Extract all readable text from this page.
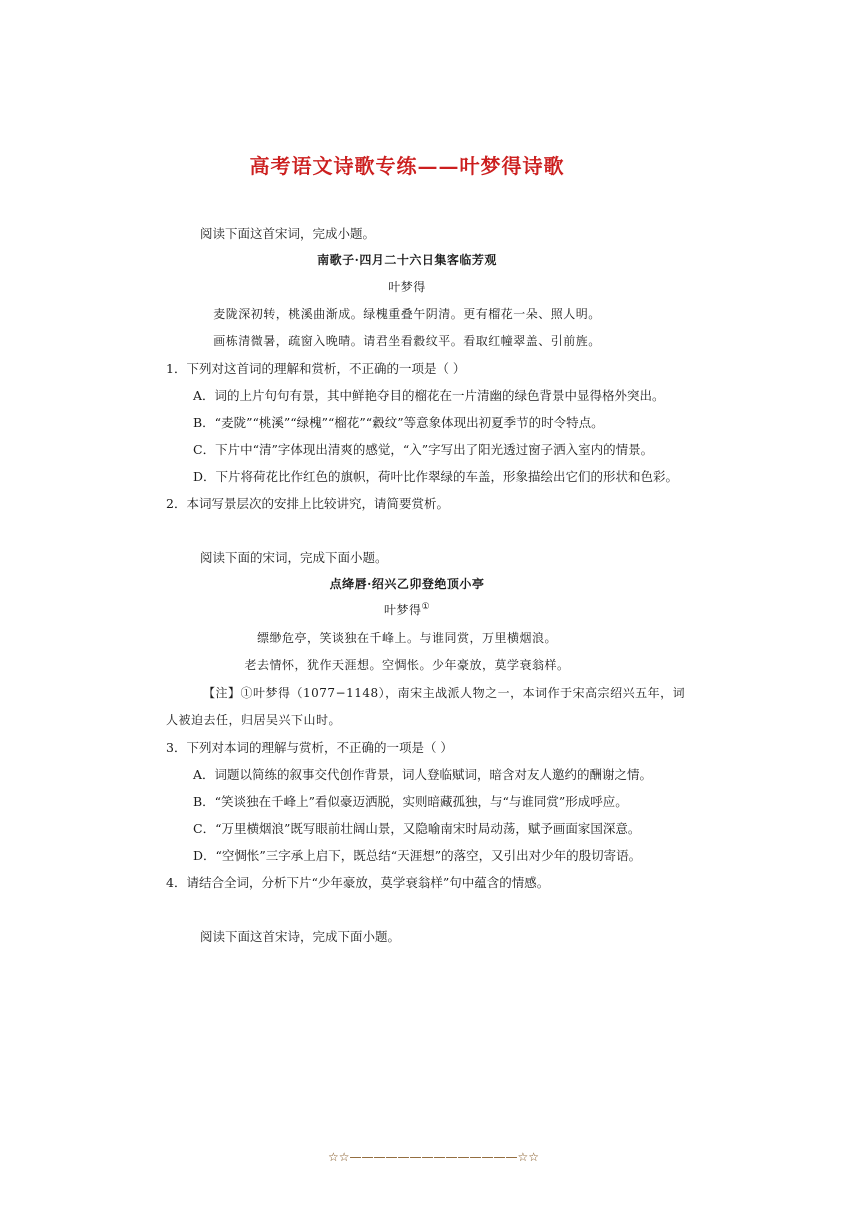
高考语文诗歌专练——叶梦得诗歌
阅读下面这首宋词，完成小题。
南歌子·四月二十六日集客临芳观
叶梦得
麦陇深初转，桃溪曲渐成。绿槐重叠午阴清。更有榴花一朵、照人明。
画栋清微暑，疏窗入晚晴。请君坐看縠纹平。看取红幢翠盖、引前旌。
1．下列对这首词的理解和赏析，不正确的一项是（ ）
A．词的上片句句有景，其中鲜艳夺目的榴花在一片清幽的绿色背景中显得格外突出。
B．“麦陇”“桃溪”“绿槐”“榴花”“縠纹”等意象体现出初夏季节的时令特点。
C．下片中“清”字体现出清爽的感觉，“入”字写出了阳光透过窗子洒入室内的情景。
D．下片将荷花比作红色的旗帜，荷叶比作翠绿的车盖，形象描绘出它们的形状和色彩。
2．本词写景层次的安排上比较讲究，请简要赏析。
阅读下面的宋词，完成下面小题。
点绛唇·绍兴乙卯登绝顶小亭
叶梦得①
缥缈危亭，笑谈独在千峰上。与谁同赏，万里横烟浪。
老去情怀，犹作天涯想。空惆怅。少年豪放，莫学衰翁样。
【注】①叶梦得（1077−1148），南宋主战派人物之一，本词作于宋高宗绍兴五年，词
人被迫去任，归居吴兴下山时。
3．下列对本词的理解与赏析，不正确的一项是（ ）
A．词题以简练的叙事交代创作背景，词人登临赋词，暗含对友人邀约的酬谢之情。
B．“笑谈独在千峰上”看似豪迈洒脱，实则暗藏孤独，与“与谁同赏”形成呼应。
C．“万里横烟浪”既写眼前壮阔山景，又隐喻南宋时局动荡，赋予画面家国深意。
D．“空惆怅”三字承上启下，既总结“天涯想”的落空，又引出对少年的殷切寄语。
4．请结合全词，分析下片“少年豪放，莫学衰翁样”句中蕴含的情感。
阅读下面这首宋诗，完成下面小题。
☆☆——————————————☆☆
